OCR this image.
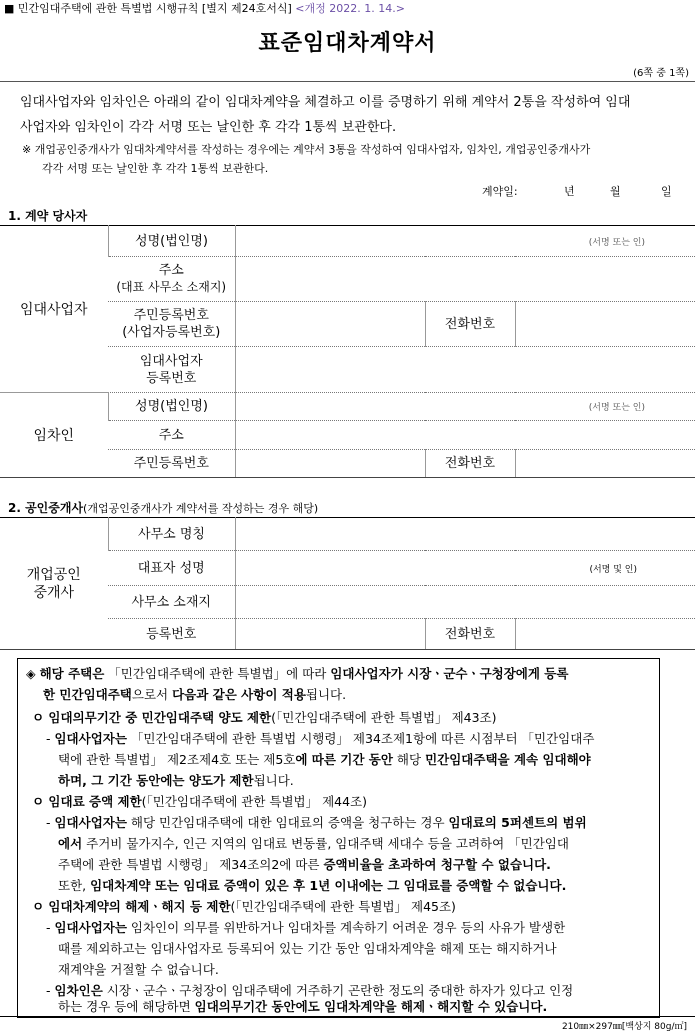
■ 민간임대주택에 관한 특별법 시행규칙 [별지 제24호서식] <개정 2022. 1. 14.>
표준임대차계약서
(6쪽 중 1쪽)
임대사업자와 임차인은 아래의 같이 임대차계약을 체결하고 이를 증명하기 위해 계약서 2통을 작성하여 임대
사업자와 임차인이 각각 서명 또는 날인한 후 각각 1통씩 보관한다.
※ 개업공인중개사가 임대차계약서를 작성하는 경우에는 계약서 3통을 작성하여 임대사업자, 임차인, 개업공인중개사가
각각 서명 또는 날인한 후 각각 1통씩 보관한다.
계약일:	년	월	일
1. 계약 당사자
임대사업자	성명(법인명)	(서명 또는 인)		

	주소
(대표 사무소 소재지)			

	주민등록번호
(사업자등록번호)		전화번호	

	임대사업자
등록번호			

임차인	성명(법인명)	(서명 또는 인)		

	주소			
	주민등록번호		전화번호	
2. 공인중개사(개업공인중개사가 계약서를 작성하는 경우 해당)
개업공인
중개사	사무소 명칭			
	대표자 성명	(서명 및 인)		

	사무소 소재지			
	등록번호		전화번호	
◈ 해당 주택은 「민간임대주택에 관한 특별법」에 따라 임대사업자가 시장ㆍ군수ㆍ구청장에게 등록
한 민간임대주택으로서 다음과 같은 사항이 적용됩니다.
ㅇ 임대의무기간 중 민간임대주택 양도 제한(「민간임대주택에 관한 특별법」 제43조)
- 임대사업자는 「민간임대주택에 관한 특별법 시행령」 제34조제1항에 따른 시점부터 「민간임대주
택에 관한 특별법」 제2조제4호 또는 제5호에 따른 기간 동안 해당 민간임대주택을 계속 임대해야
하며, 그 기간 동안에는 양도가 제한됩니다.
ㅇ 임대료 증액 제한(「민간임대주택에 관한 특별법」 제44조)
- 임대사업자는 해당 민간임대주택에 대한 임대료의 증액을 청구하는 경우 임대료의 5퍼센트의 범위
에서 주거비 물가지수, 인근 지역의 임대료 변동률, 임대주택 세대수 등을 고려하여 「민간임대
주택에 관한 특별법 시행령」 제34조의2에 따른 증액비율을 초과하여 청구할 수 없습니다.
또한, 임대차계약 또는 임대료 증액이 있은 후 1년 이내에는 그 임대료를 증액할 수 없습니다.
ㅇ 임대차계약의 해제ㆍ해지 등 제한(「민간임대주택에 관한 특별법」 제45조)
- 임대사업자는 임차인이 의무를 위반하거나 임대차를 계속하기 어려운 경우 등의 사유가 발생한
때를 제외하고는 임대사업자로 등록되어 있는 기간 동안 임대차계약을 해제 또는 해지하거나
재계약을 거절할 수 없습니다.
- 임차인은 시장ㆍ군수ㆍ구청장이 임대주택에 거주하기 곤란한 정도의 중대한 하자가 있다고 인정
하는 경우 등에 해당하면 임대의무기간 동안에도 임대차계약을 해제ㆍ해지할 수 있습니다.
210㎜×297㎜[백상지 80g/㎡]
